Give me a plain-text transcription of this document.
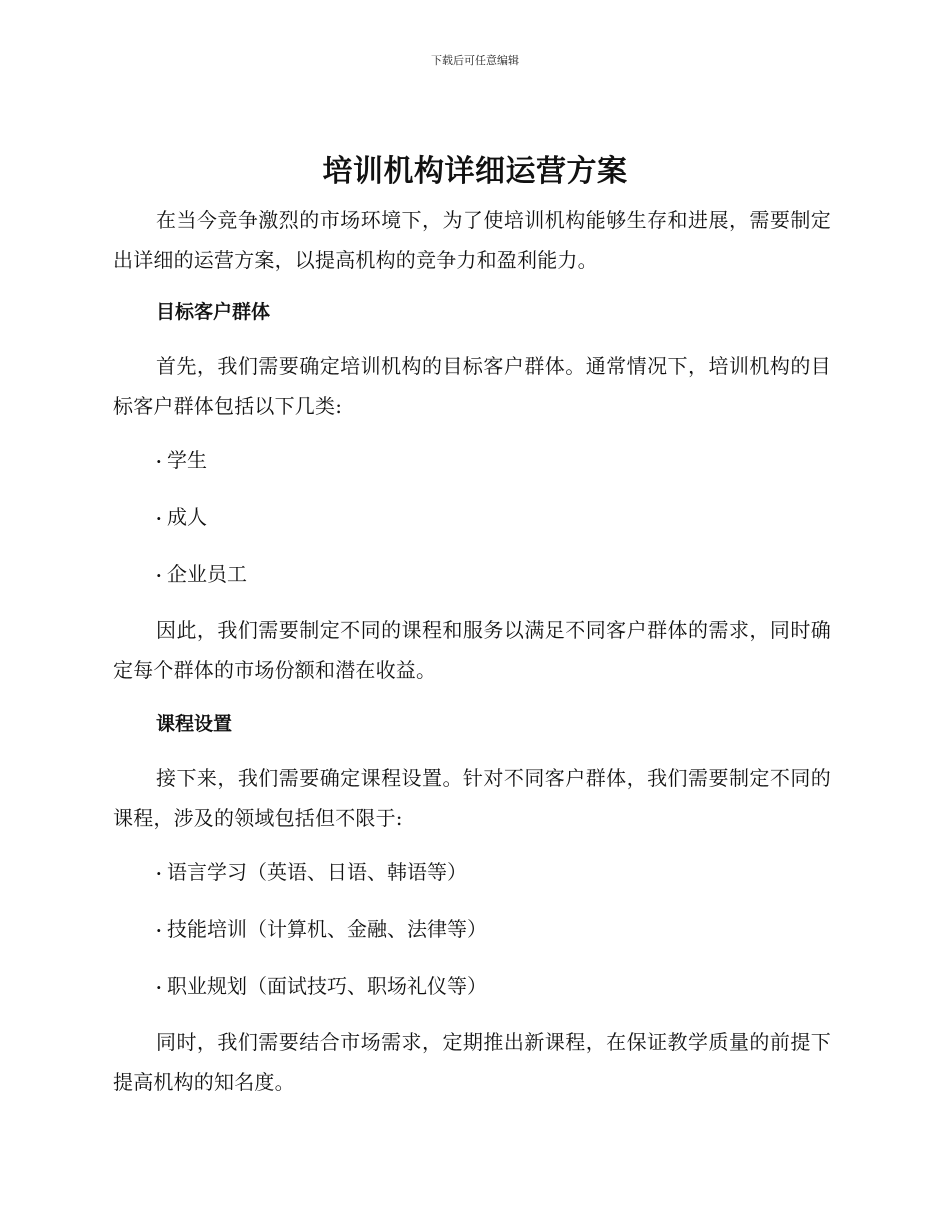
下载后可任意编辑
培训机构详细运营方案

在当今竞争激烈的市场环境下，为了使培训机构能够生存和进展，需要制定出详细的运营方案，以提高机构的竞争力和盈利能力。

目标客户群体

首先，我们需要确定培训机构的目标客户群体。通常情况下，培训机构的目标客户群体包括以下几类:

· 学生
· 成人
· 企业员工

因此，我们需要制定不同的课程和服务以满足不同客户群体的需求，同时确定每个群体的市场份额和潜在收益。

课程设置

接下来，我们需要确定课程设置。针对不同客户群体，我们需要制定不同的课程，涉及的领域包括但不限于:

· 语言学习（英语、日语、韩语等）
· 技能培训（计算机、金融、法律等）
· 职业规划（面试技巧、职场礼仪等）

同时，我们需要结合市场需求，定期推出新课程，在保证教学质量的前提下提高机构的知名度。
